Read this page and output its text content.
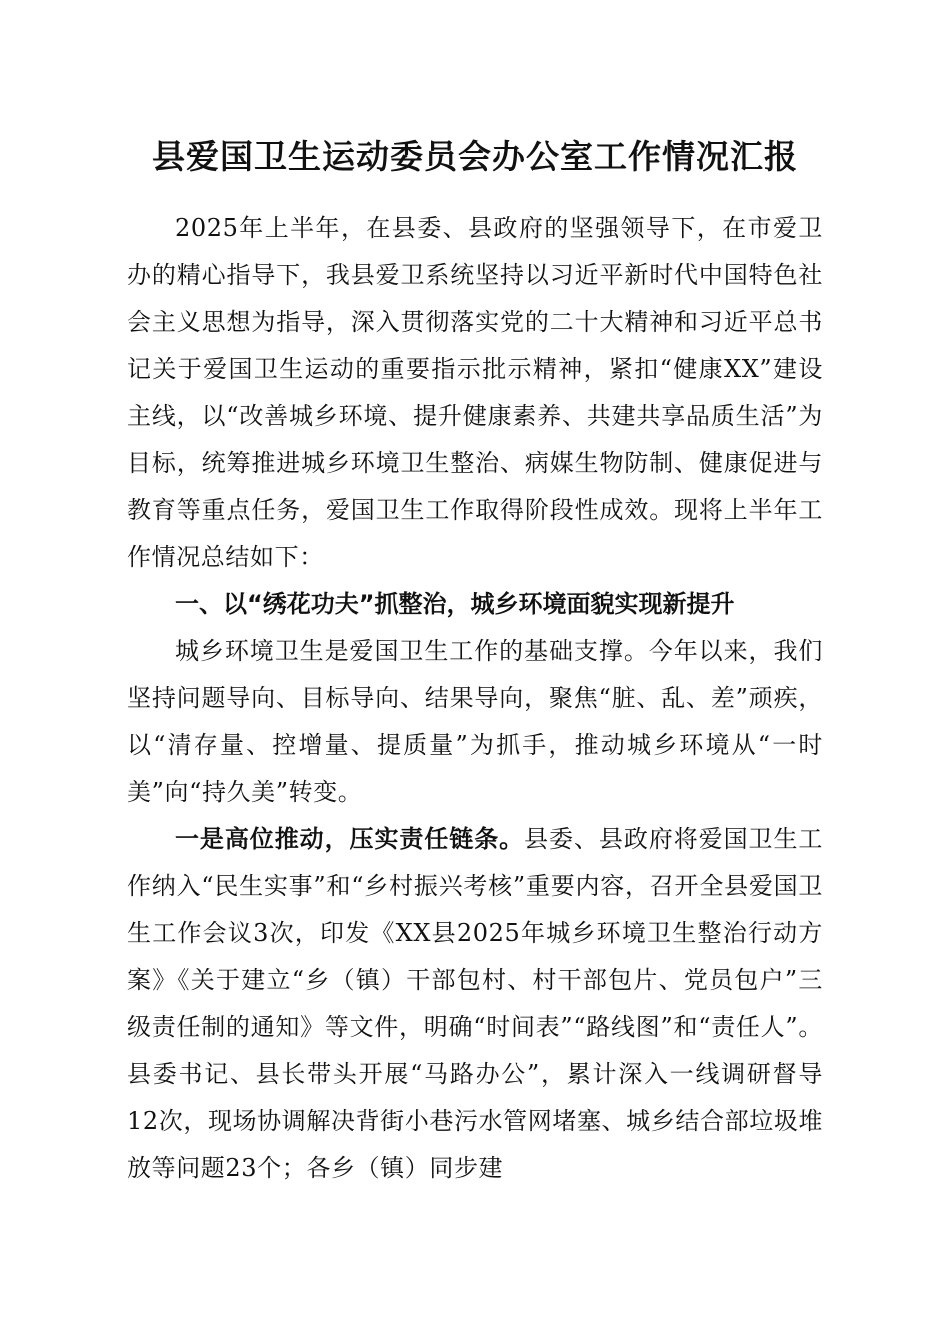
县爱国卫生运动委员会办公室工作情况汇报

2025年上半年，在县委、县政府的坚强领导下，在市爱卫办的精心指导下，我县爱卫系统坚持以习近平新时代中国特色社会主义思想为指导，深入贯彻落实党的二十大精神和习近平总书记关于爱国卫生运动的重要指示批示精神，紧扣“健康XX”建设主线，以“改善城乡环境、提升健康素养、共建共享品质生活”为目标，统筹推进城乡环境卫生整治、病媒生物防制、健康促进与教育等重点任务，爱国卫生工作取得阶段性成效。现将上半年工作情况总结如下：

一、以“绣花功夫”抓整治，城乡环境面貌实现新提升

城乡环境卫生是爱国卫生工作的基础支撑。今年以来，我们坚持问题导向、目标导向、结果导向，聚焦“脏、乱、差”顽疾，以“清存量、控增量、提质量”为抓手，推动城乡环境从“一时美”向“持久美”转变。

一是高位推动，压实责任链条。县委、县政府将爱国卫生工作纳入“民生实事”和“乡村振兴考核”重要内容，召开全县爱国卫生工作会议3次，印发《XX县2025年城乡环境卫生整治行动方案》《关于建立“乡（镇）干部包村、村干部包片、党员包户”三级责任制的通知》等文件，明确“时间表”“路线图”和“责任人”。县委书记、县长带头开展“马路办公”，累计深入一线调研督导12次，现场协调解决背街小巷污水管网堵塞、城乡结合部垃圾堆放等问题23个；各乡（镇）同步建
